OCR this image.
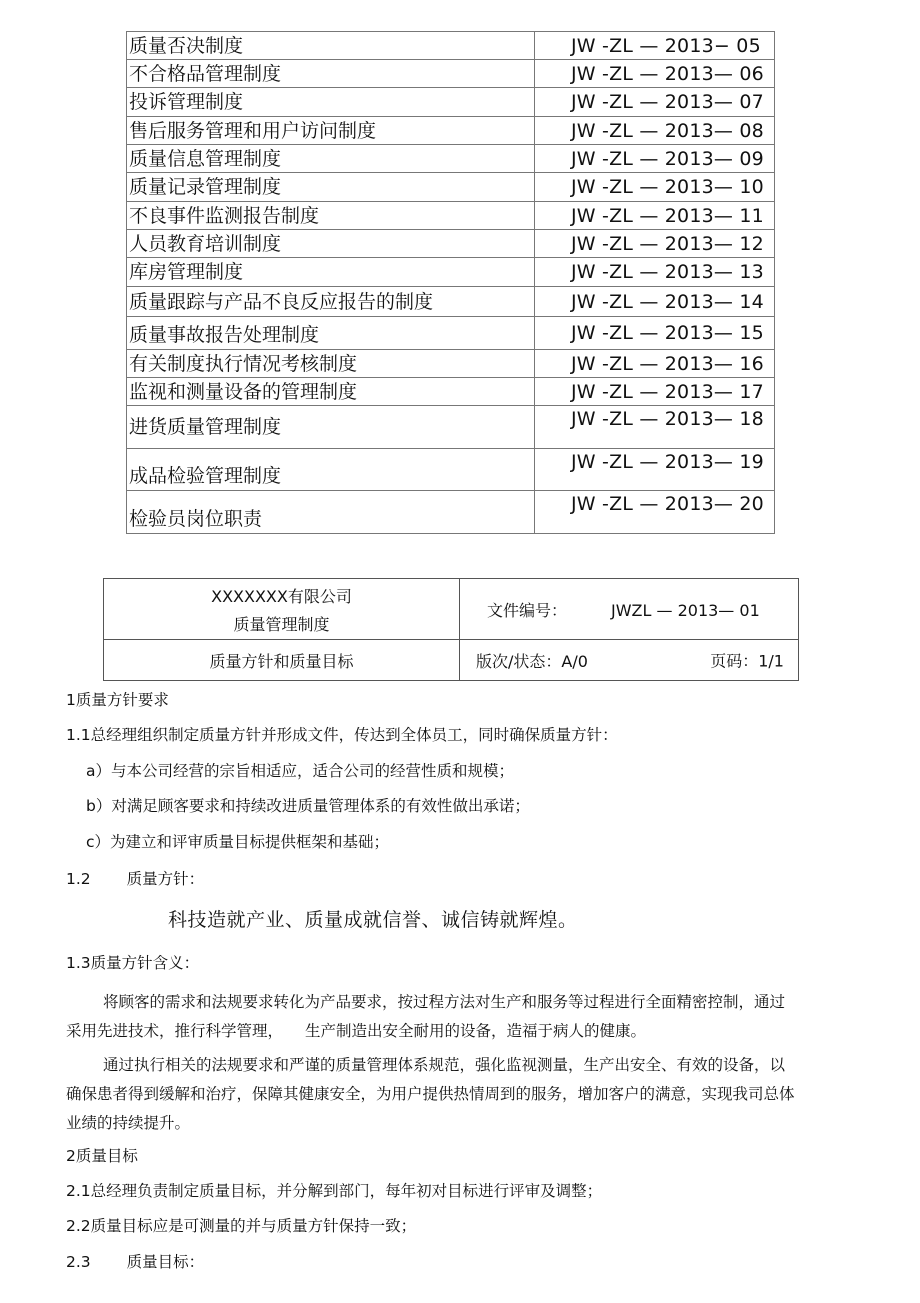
质量否决制度	JW -ZL — 2013− 05
不合格品管理制度	JW -ZL — 2013— 06
投诉管理制度	JW -ZL — 2013— 07
售后服务管理和用户访问制度	JW -ZL — 2013— 08
质量信息管理制度	JW -ZL — 2013— 09
质量记录管理制度	JW -ZL — 2013— 10
不良事件监测报告制度	JW -ZL — 2013— 11
人员教育培训制度	JW -ZL — 2013— 12
库房管理制度	JW -ZL — 2013— 13
质量跟踪与产品不良反应报告的制度	JW -ZL — 2013— 14
质量事故报告处理制度	JW -ZL — 2013— 15
有关制度执行情况考核制度	JW -ZL — 2013— 16
监视和测量设备的管理制度	JW -ZL — 2013— 17
进货质量管理制度	JW -ZL — 2013— 18
成品检验管理制度	JW -ZL — 2013— 19
检验员岗位职责	JW -ZL — 2013— 20
XXXXXXX有限公司
质量管理制度	文件编号： JWZL — 2013— 01

质量方针和质量目标	版次/状态：A/0 页码：1/1
1质量方针要求
1.1总经理组织制定质量方针并形成文件，传达到全体员工，同时确保质量方针：
a）与本公司经营的宗旨相适应，适合公司的经营性质和规模；
b）对满足顾客要求和持续改进质量管理体系的有效性做出承诺；
c）为建立和评审质量目标提供框架和基础；
1.2 质量方针：
科技造就产业、质量成就信誉、诚信铸就辉煌。
1.3质量方针含义：
将顾客的需求和法规要求转化为产品要求，按过程方法对生产和服务等过程进行全面精密控制，通过采用先进技术，推行科学管理， 生产制造出安全耐用的设备，造福于病人的健康。
通过执行相关的法规要求和严谨的质量管理体系规范，强化监视测量，生产出安全、有效的设备，以确保患者得到缓解和治疗，保障其健康安全，为用户提供热情周到的服务，增加客户的满意，实现我司总体业绩的持续提升。
2质量目标
2.1总经理负责制定质量目标，并分解到部门，每年初对目标进行评审及调整；
2.2质量目标应是可测量的并与质量方针保持一致；
2.3 质量目标：
